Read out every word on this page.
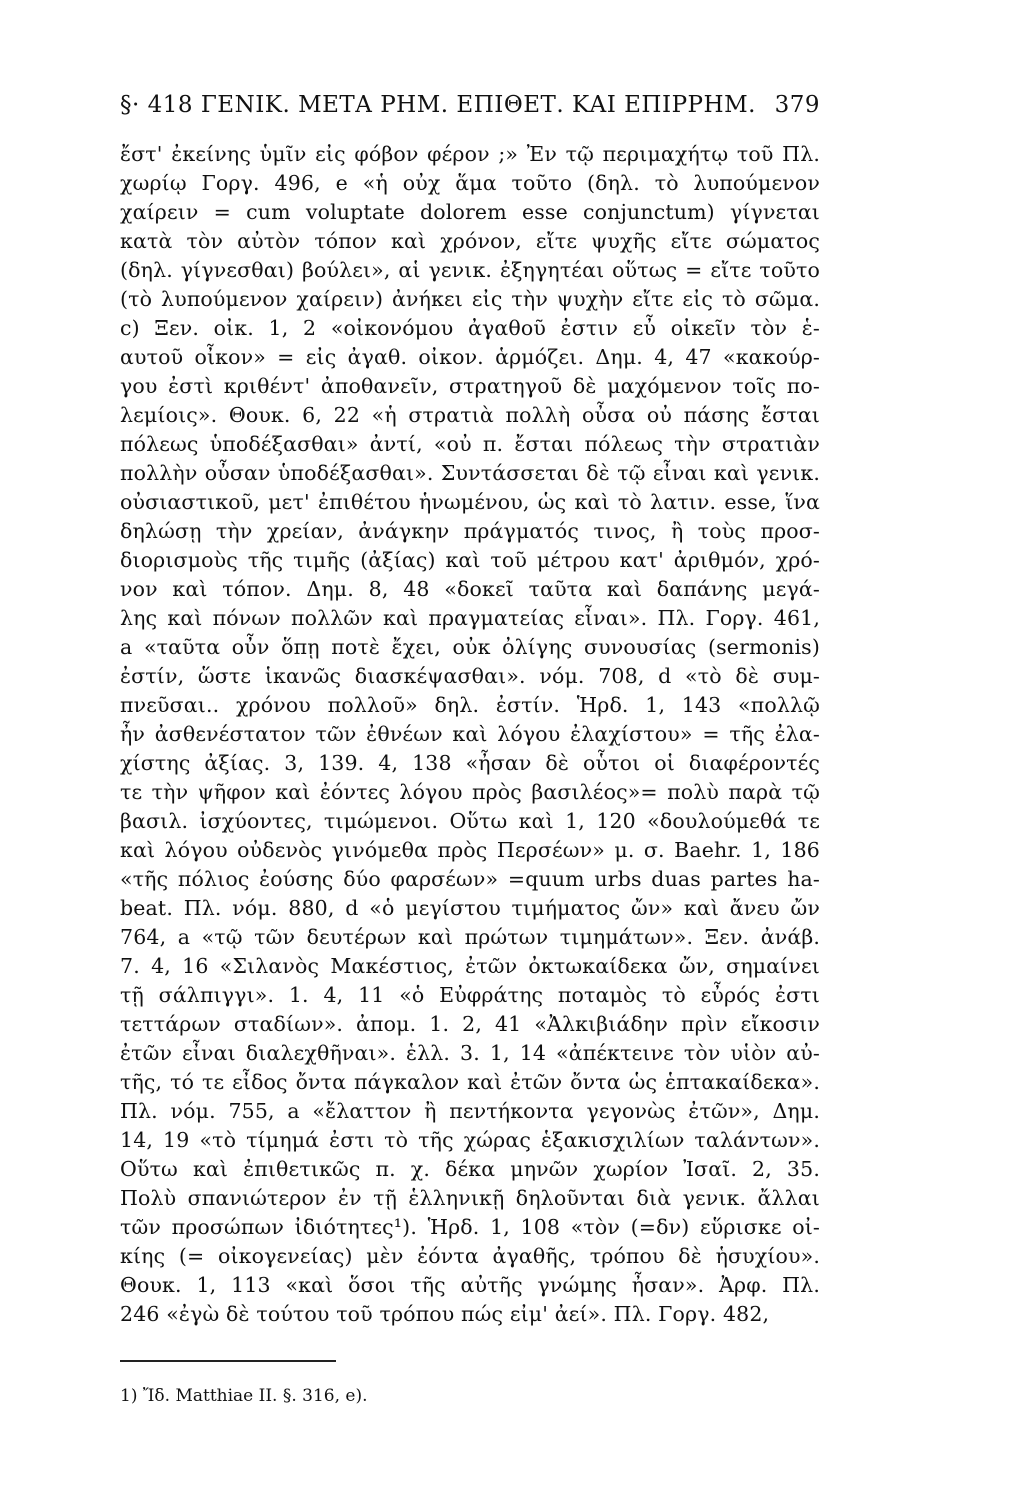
§· 418 ΓΕΝΙΚ. ΜΕΤΑ ΡΗΜ. ΕΠΙΘΕΤ. ΚΑΙ ΕΠΙΡΡΗΜ. 379
ἔστ' ἐκείνης ὑμῖν εἰς φόβον φέρον ;» Ἐν τῷ περιμαχήτῳ τοῦ Πλ.
χωρίῳ Γοργ. 496, e «ἡ οὐχ ἅμα τοῦτο (δηλ. τὸ λυπούμενον
χαίρειν = cum voluptate dolorem esse conjunctum) γίγνεται
κατὰ τὸν αὐτὸν τόπον καὶ χρόνον, εἴτε ψυχῆς εἴτε σώματος
(δηλ. γίγνεσθαι) βούλει», αἱ γενικ. ἐξηγητέαι οὕτως = εἴτε τοῦτο
(τὸ λυπούμενον χαίρειν) ἀνήκει εἰς τὴν ψυχὴν εἴτε εἰς τὸ σῶμα.
c) Ξεν. οἰκ. 1, 2 «οἰκονόμου ἀγαθοῦ ἐστιν εὖ οἰκεῖν τὸν ἑ-
αυτοῦ οἶκον» = εἰς ἀγαθ. οἰκον. ἁρμόζει. Δημ. 4, 47 «κακούρ-
γου ἐστὶ κριθέντ' ἀποθανεῖν, στρατηγοῦ δὲ μαχόμενον τοῖς πο-
λεμίοις». Θουκ. 6, 22 «ἡ στρατιὰ πολλὴ οὖσα οὐ πάσης ἔσται
πόλεως ὑποδέξασθαι» ἀντί, «οὐ π. ἔσται πόλεως τὴν στρατιὰν
πολλὴν οὖσαν ὑποδέξασθαι». Συντάσσεται δὲ τῷ εἶναι καὶ γενικ.
οὐσιαστικοῦ, μετ' ἐπιθέτου ἡνωμένου, ὡς καὶ τὸ λατιν. esse, ἵνα
δηλώσῃ τὴν χρείαν, ἀνάγκην πράγματός τινος, ἢ τοὺς προσ-
διορισμοὺς τῆς τιμῆς (ἀξίας) καὶ τοῦ μέτρου κατ' ἀριθμόν, χρό-
νον καὶ τόπον. Δημ. 8, 48 «δοκεῖ ταῦτα καὶ δαπάνης μεγά-
λης καὶ πόνων πολλῶν καὶ πραγματείας εἶναι». Πλ. Γοργ. 461,
a «ταῦτα οὖν ὅπῃ ποτὲ ἔχει, οὐκ ὀλίγης συνουσίας (sermonis)
ἐστίν, ὥστε ἱκανῶς διασκέψασθαι». νόμ. 708, d «τὸ δὲ συμ-
πνεῦσαι.. χρόνου πολλοῦ» δηλ. ἐστίν. Ἡρδ. 1, 143 «πολλῷ
ἦν ἀσθενέστατον τῶν ἐθνέων καὶ λόγου ἐλαχίστου» = τῆς ἐλα-
χίστης ἀξίας. 3, 139. 4, 138 «ἦσαν δὲ οὗτοι οἱ διαφέροντές
τε τὴν ψῆφον καὶ ἐόντες λόγου πρὸς βασιλέος»= πολὺ παρὰ τῷ
βασιλ. ἰσχύοντες, τιμώμενοι. Οὕτω καὶ 1, 120 «δουλούμεθά τε
καὶ λόγου οὐδενὸς γινόμεθα πρὸς Περσέων» μ. σ. Baehr. 1, 186
«τῆς πόλιος ἐούσης δύο φαρσέων» =quum urbs duas partes ha-
beat. Πλ. νόμ. 880, d «ὁ μεγίστου τιμήματος ὤν» καὶ ἄνευ ὤν
764, a «τῷ τῶν δευτέρων καὶ πρώτων τιμημάτων». Ξεν. ἀνάβ.
7. 4, 16 «Σιλανὸς Μακέστιος, ἐτῶν ὀκτωκαίδεκα ὤν, σημαίνει
τῇ σάλπιγγι». 1. 4, 11 «ὁ Εὐφράτης ποταμὸς τὸ εὖρός ἐστι
τεττάρων σταδίων». ἀπομ. 1. 2, 41 «Ἀλκιβιάδην πρὶν εἴκοσιν
ἐτῶν εἶναι διαλεχθῆναι». ἑλλ. 3. 1, 14 «ἀπέκτεινε τὸν υἱὸν αὐ-
τῆς, τό τε εἶδος ὄντα πάγκαλον καὶ ἐτῶν ὄντα ὡς ἑπτακαίδεκα».
Πλ. νόμ. 755, a «ἔλαττον ἢ πεντήκοντα γεγονὼς ἐτῶν», Δημ.
14, 19 «τὸ τίμημά ἐστι τὸ τῆς χώρας ἑξακισχιλίων ταλάντων».
Οὕτω καὶ ἐπιθετικῶς π. χ. δέκα μηνῶν χωρίον Ἰσαῖ. 2, 35.
Πολὺ σπανιώτερον ἐν τῇ ἑλληνικῇ δηλοῦνται διὰ γενικ. ἄλλαι
τῶν προσώπων ἰδιότητες¹). Ἡρδ. 1, 108 «τὸν (=δν) εὕρισκε οἰ-
κίης (= οἰκογενείας) μὲν ἐόντα ἀγαθῆς, τρόπου δὲ ἡσυχίου».
Θουκ. 1, 113 «καὶ ὅσοι τῆς αὐτῆς γνώμης ἦσαν». Ἀρφ. Πλ.
246 «ἐγὼ δὲ τούτου τοῦ τρόπου πώς εἰμ' ἀεί». Πλ. Γοργ. 482,
1) Ἴδ. Matthiae II. §. 316, e).
